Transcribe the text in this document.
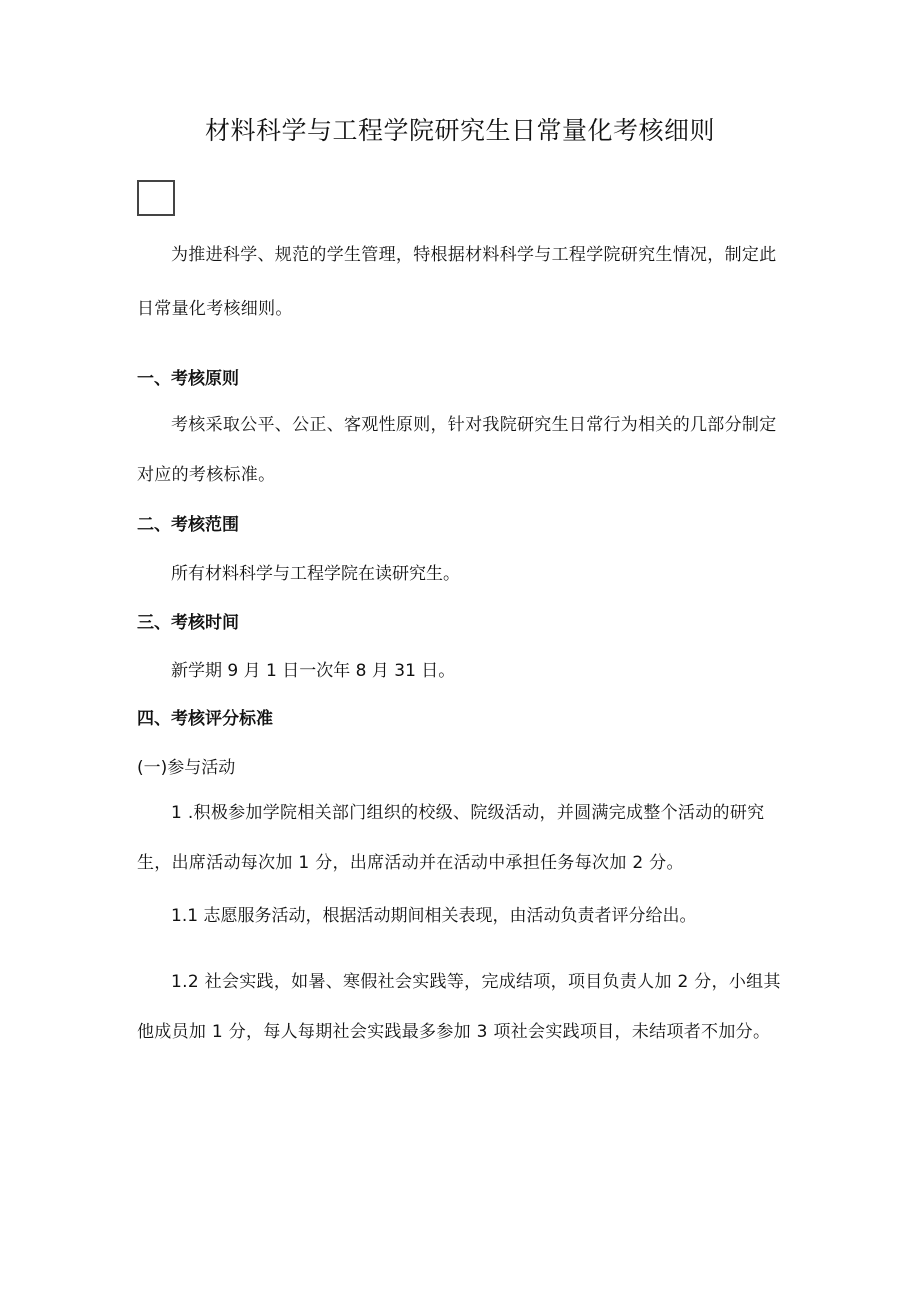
材料科学与工程学院研究生日常量化考核细则

为推进科学、规范的学生管理，特根据材料科学与工程学院研究生情况，制定此日常量化考核细则。

一、考核原则

考核采取公平、公正、客观性原则，针对我院研究生日常行为相关的几部分制定对应的考核标准。

二、考核范围

所有材料科学与工程学院在读研究生。

三、考核时间

新学期 9 月 1 日一次年 8 月 31 日。

四、考核评分标准

(一)参与活动

1 .积极参加学院相关部门组织的校级、院级活动，并圆满完成整个活动的研究生，出席活动每次加 1 分，出席活动并在活动中承担任务每次加 2 分。

1.1 志愿服务活动，根据活动期间相关表现，由活动负责者评分给出。

1.2 社会实践，如暑、寒假社会实践等，完成结项，项目负责人加 2 分，小组其他成员加 1 分，每人每期社会实践最多参加 3 项社会实践项目，未结项者不加分。
